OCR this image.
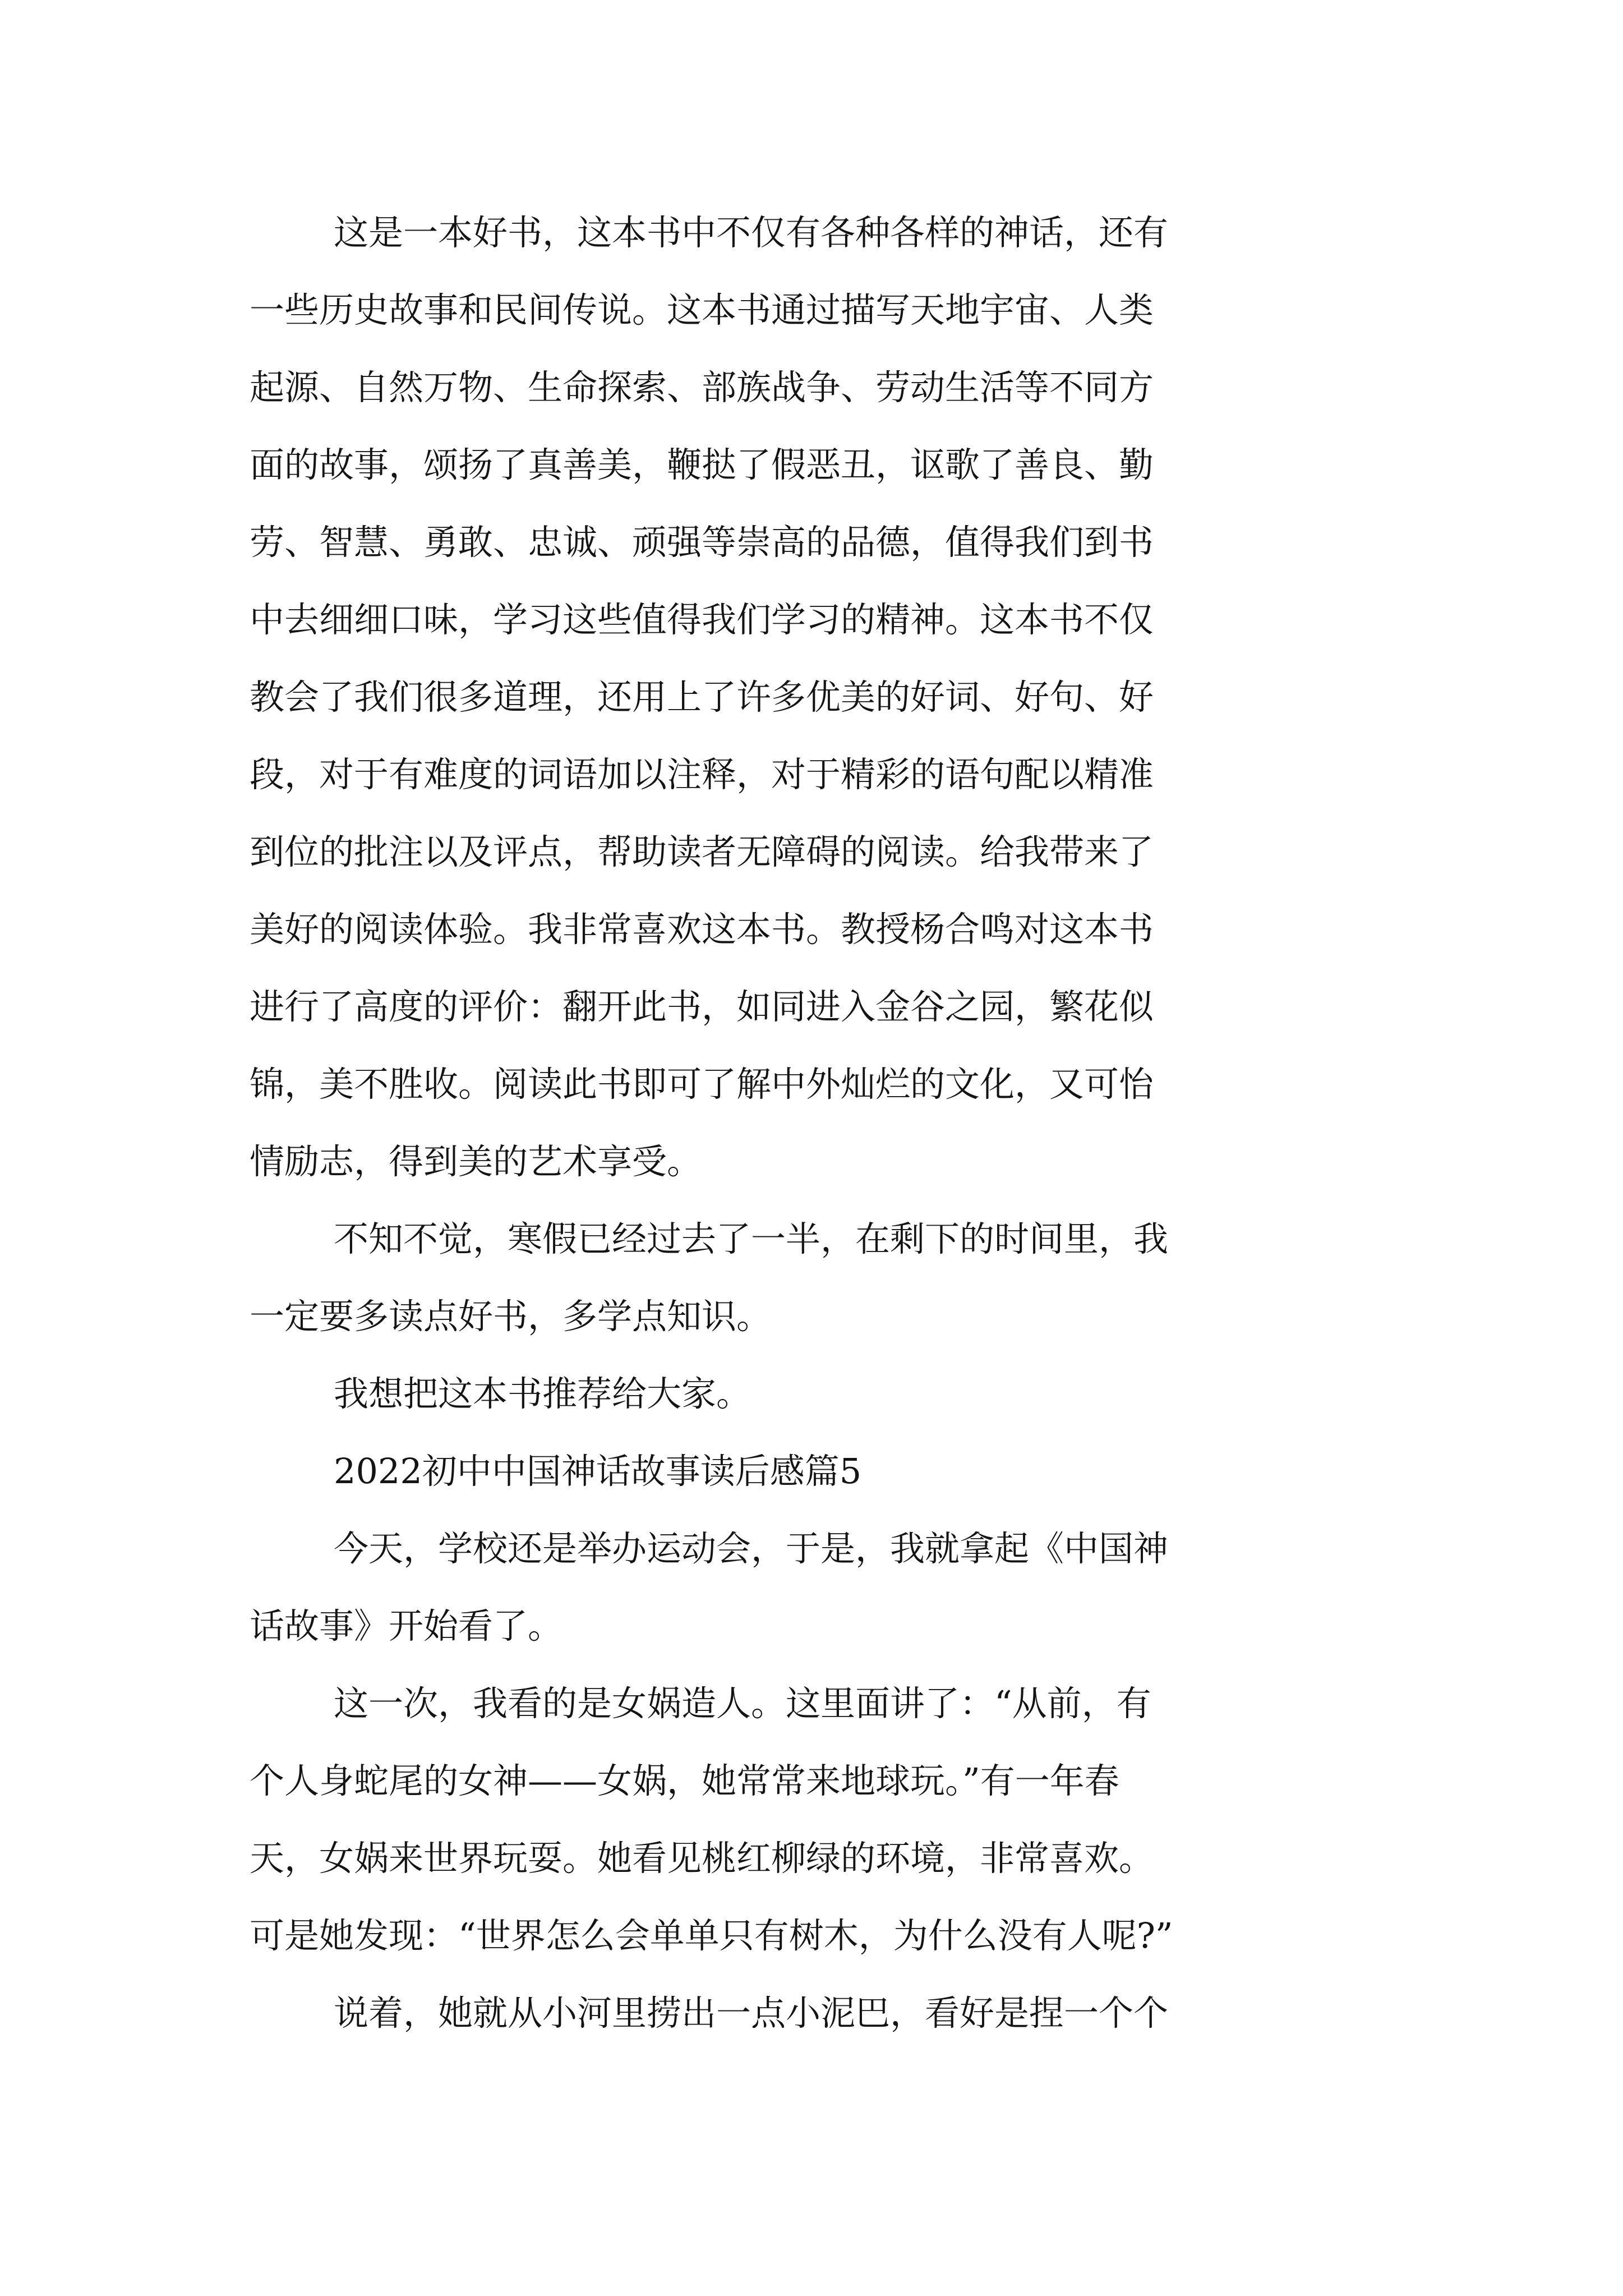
这是一本好书，这本书中不仅有各种各样的神话，还有
一些历史故事和民间传说。这本书通过描写天地宇宙、人类
起源、自然万物、生命探索、部族战争、劳动生活等不同方
面的故事，颂扬了真善美，鞭挞了假恶丑，讴歌了善良、勤
劳、智慧、勇敢、忠诚、顽强等崇高的品德，值得我们到书
中去细细口味，学习这些值得我们学习的精神。这本书不仅
教会了我们很多道理，还用上了许多优美的好词、好句、好
段，对于有难度的词语加以注释，对于精彩的语句配以精准
到位的批注以及评点，帮助读者无障碍的阅读。给我带来了
美好的阅读体验。我非常喜欢这本书。教授杨合鸣对这本书
进行了高度的评价：翻开此书，如同进入金谷之园，繁花似
锦，美不胜收。阅读此书即可了解中外灿烂的文化，又可怡
情励志，得到美的艺术享受。
不知不觉，寒假已经过去了一半，在剩下的时间里，我
一定要多读点好书，多学点知识。
我想把这本书推荐给大家。
2022初中中国神话故事读后感篇5
今天，学校还是举办运动会，于是，我就拿起《中国神
话故事》开始看了。
这一次，我看的是女娲造人。这里面讲了：“从前，有
个人身蛇尾的女神——女娲，她常常来地球玩。”有一年春
天，女娲来世界玩耍。她看见桃红柳绿的环境，非常喜欢。
可是她发现：“世界怎么会单单只有树木，为什么没有人呢?”
说着，她就从小河里捞出一点小泥巴，看好是捏一个个
